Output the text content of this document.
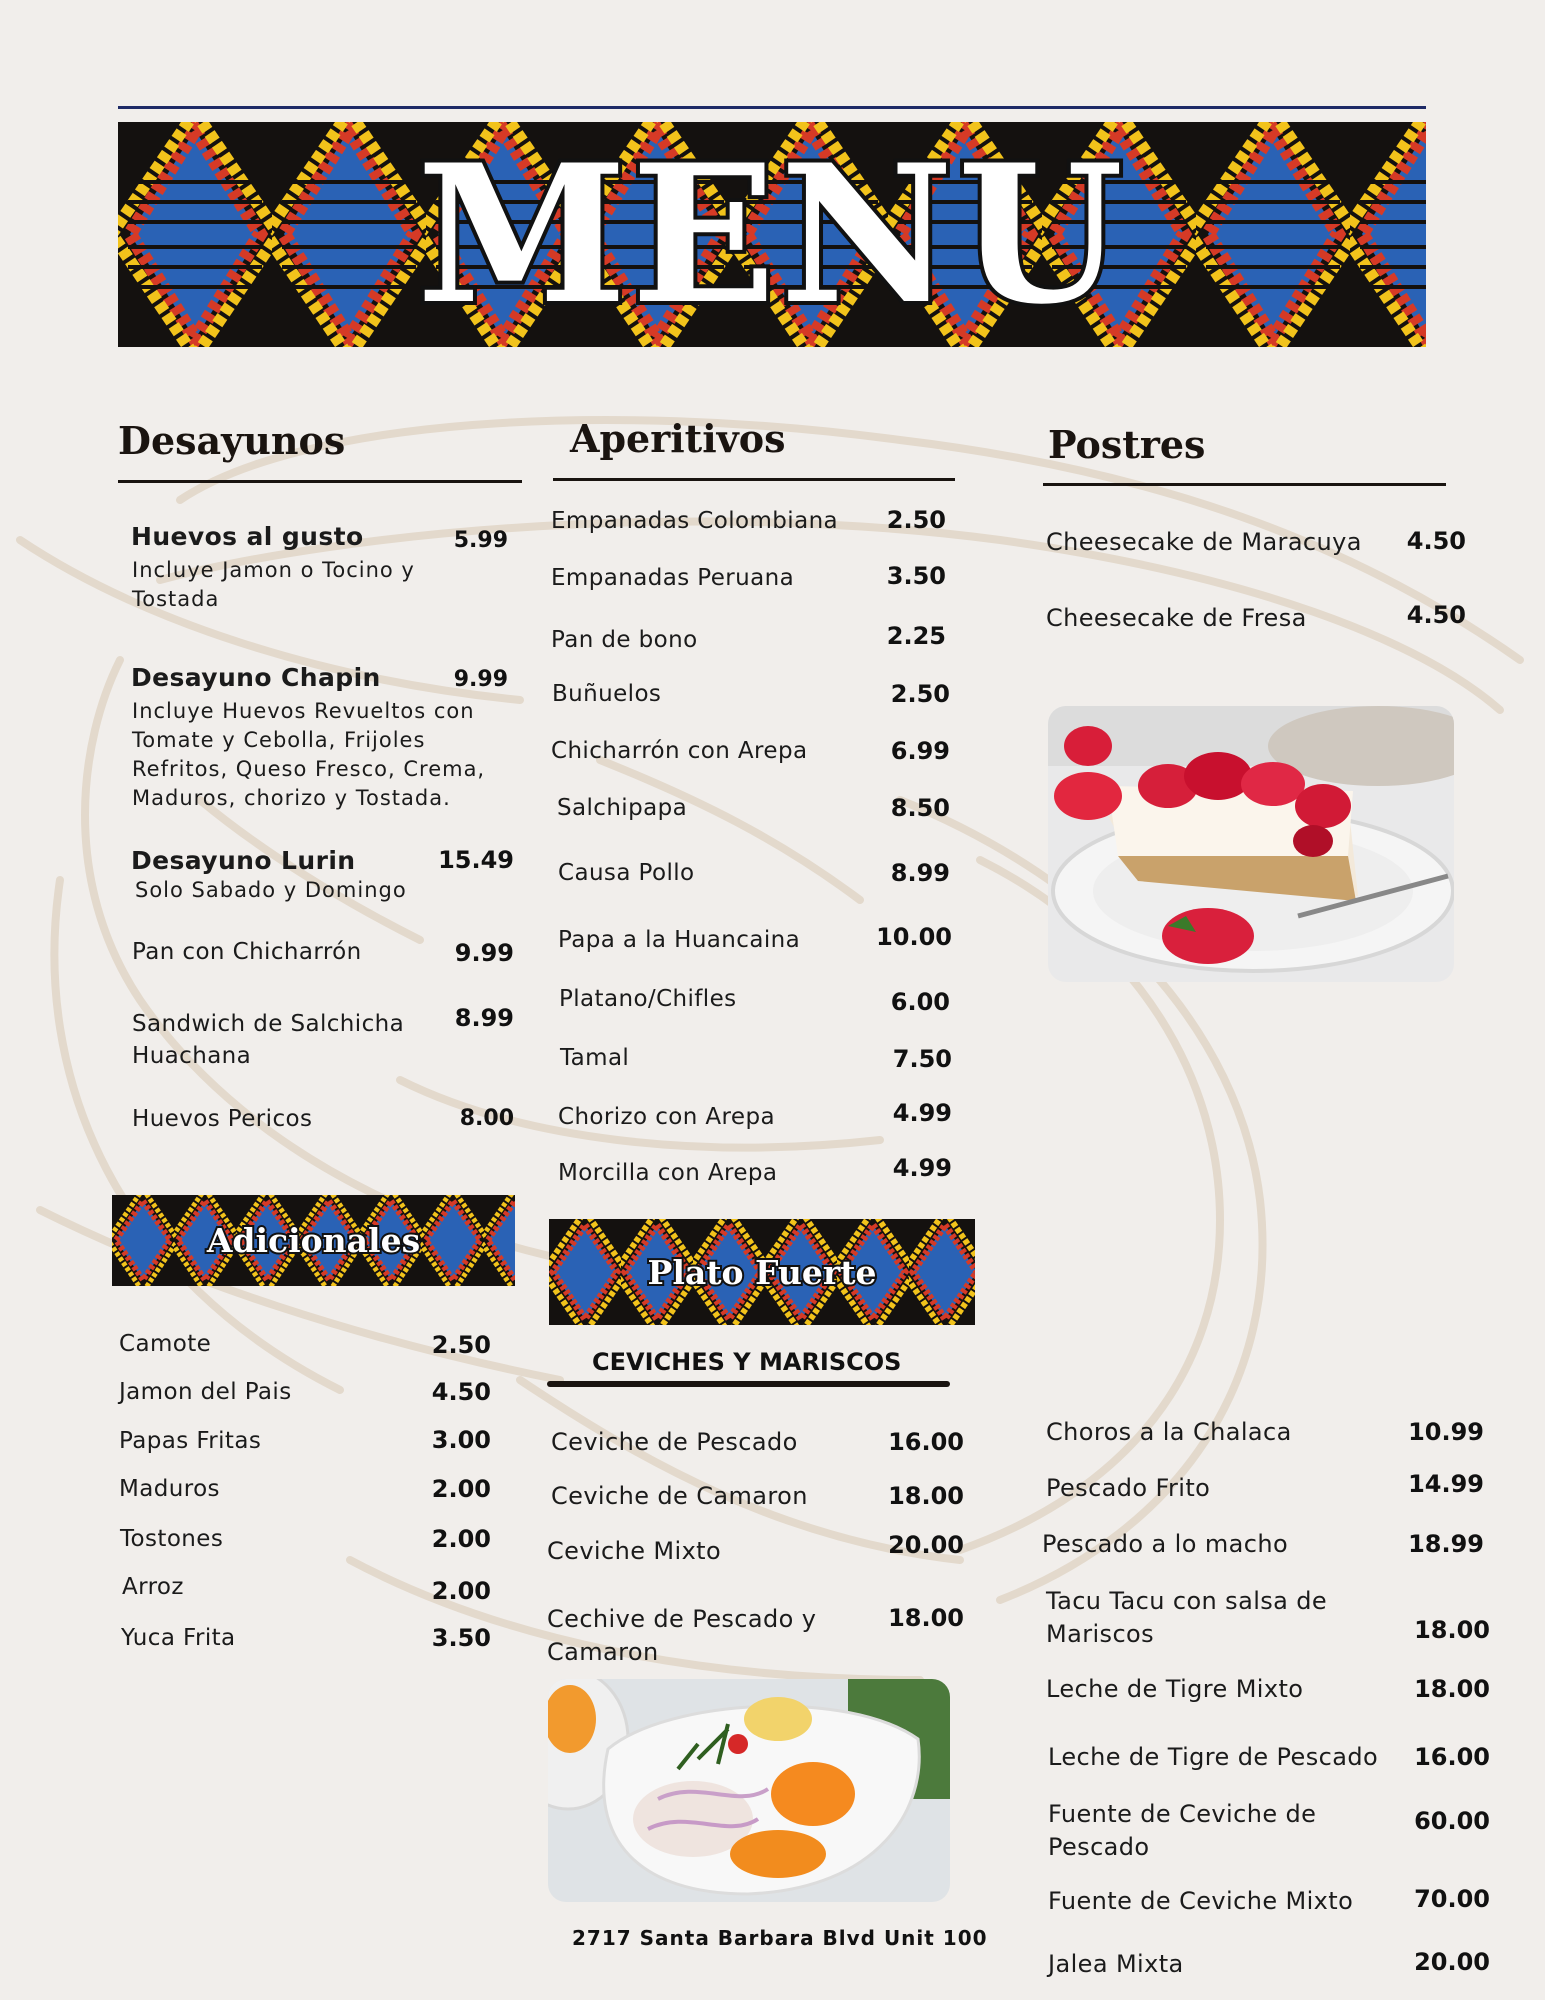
MENU
Desayunos
Huevos al gusto	5.99
Incluye Jamon o Tocino y Tostada
Desayuno Chapin	9.99
Incluye Huevos Revueltos con Tomate y Cebolla, Frijoles Refritos, Queso Fresco, Crema, Maduros, chorizo y Tostada.
Desayuno Lurin	15.49
Solo Sabado y Domingo
Pan con Chicharrón	9.99
Sandwich de Salchicha Huachana
8.99
Huevos Pericos	8.00
Aperitivos
Empanadas Colombiana	2.50
Empanadas Peruana	3.50
Pan de bono	2.25
Buñuelos	2.50
Chicharrón con Arepa	6.99
Salchipapa	8.50
Causa Pollo	8.99
Papa a la Huancaina	10.00
Platano/Chifles	6.00
Tamal	7.50
Chorizo con Arepa	4.99
Morcilla con Arepa	4.99
Postres
Cheesecake de Maracuya	4.50
Cheesecake de Fresa	4.50
Adicionales
Camote	2.50
Jamon del Pais	4.50
Papas Fritas	3.00
Maduros	2.00
Tostones	2.00
Arroz	2.00
Yuca Frita	3.50
Plato Fuerte
CEVICHES Y MARISCOS
Ceviche de Pescado	16.00
Ceviche de Camaron	18.00
Ceviche Mixto	20.00
Cechive de Pescado y Camaron
18.00
Choros a la Chalaca	10.99
Pescado Frito	14.99
Pescado a lo macho	18.99
Tacu Tacu con salsa de Mariscos	18.00
Leche de Tigre Mixto	18.00
Leche de Tigre de Pescado	16.00
Fuente de Ceviche de Pescado
60.00
Fuente de Ceviche Mixto	70.00
Jalea Mixta	20.00
2717 Santa Barbara Blvd Unit 100
